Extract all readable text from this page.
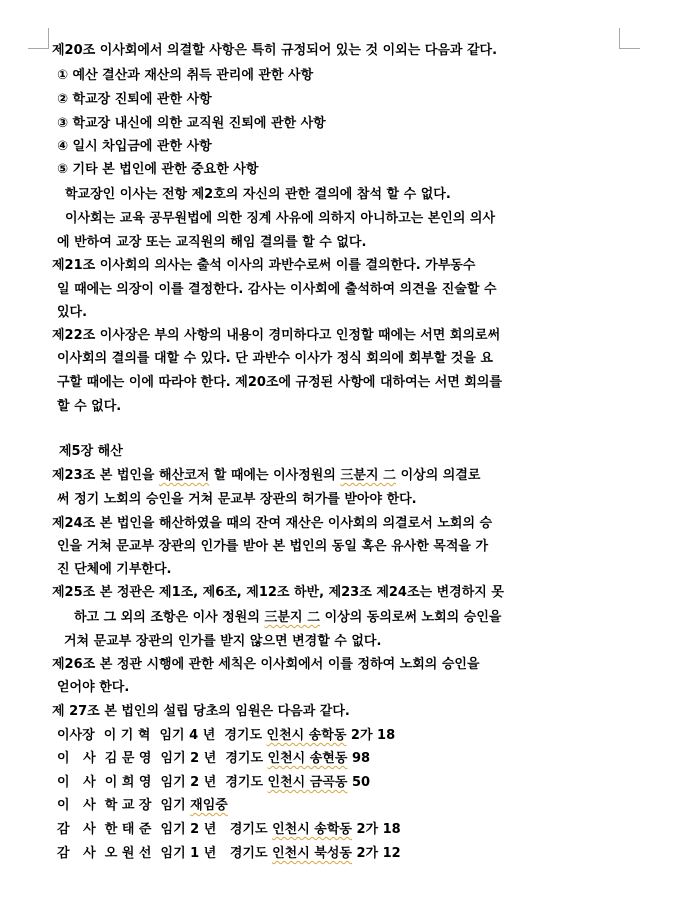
제20조 이사회에서 의결할 사항은 특히 규정되어 있는 것 이외는 다음과 같다.
① 예산 결산과 재산의 취득 관리에 관한 사항
② 학교장 진퇴에 관한 사항
③ 학교장 내신에 의한 교직원 진퇴에 관한 사항
④ 일시 차입금에 관한 사항
⑤ 기타 본 법인에 관한 중요한 사항
학교장인 이사는 전항 제2호의 자신의 관한 결의에 참석 할 수 없다.
이사회는 교육 공무원법에 의한 징계 사유에 의하지 아니하고는 본인의 의사
에 반하여 교장 또는 교직원의 해임 결의를 할 수 없다.
제21조 이사회의 의사는 출석 이사의 과반수로써 이를 결의한다. 가부동수
일 때에는 의장이 이를 결정한다. 감사는 이사회에 출석하여 의견을 진술할 수
있다.
제22조 이사장은 부의 사항의 내용이 경미하다고 인정할 때에는 서면 회의로써
이사회의 결의를 대할 수 있다. 단 과반수 이사가 정식 회의에 회부할 것을 요
구할 때에는 이에 따라야 한다. 제20조에 규정된 사항에 대하여는 서면 회의를
할 수 없다.
제5장 해산
제23조 본 법인을 해산코저 할 때에는 이사정원의 三분지 二 이상의 의결로
써 정기 노회의 승인을 거쳐 문교부 장관의 허가를 받아야 한다.
제24조 본 법인을 해산하였을 때의 잔여 재산은 이사회의 의결로서 노회의 승
인을 거쳐 문교부 장관의 인가를 받아 본 법인의 동일 혹은 유사한 목적을 가
진 단체에 기부한다.
제25조 본 정관은 제1조, 제6조, 제12조 하반, 제23조 제24조는 변경하지 못
하고 그 외의 조항은 이사 정원의 三분지 二 이상의 동의로써 노회의 승인을
거쳐 문교부 장관의 인가를 받지 않으면 변경할 수 없다.
제26조 본 정관 시행에 관한 세칙은 이사회에서 이를 정하여 노회의 승인을
얻어야 한다.
제 27조 본 법인의 설립 당초의 임원은 다음과 같다.
이사장  이 기 혁  임기 4 년  경기도 인천시 송학동 2가 18
이   사  김 문 영  임기 2 년  경기도 인천시 송현동 98
이   사  이 희 영  임기 2 년  경기도 인천시 금곡동 50
이   사  학 교 장  임기 재임중
감   사  한 태 준  임기 2 년   경기도 인천시 송학동 2가 18
감   사  오 원 선  임기 1 년   경기도 인천시 북성동 2가 12
